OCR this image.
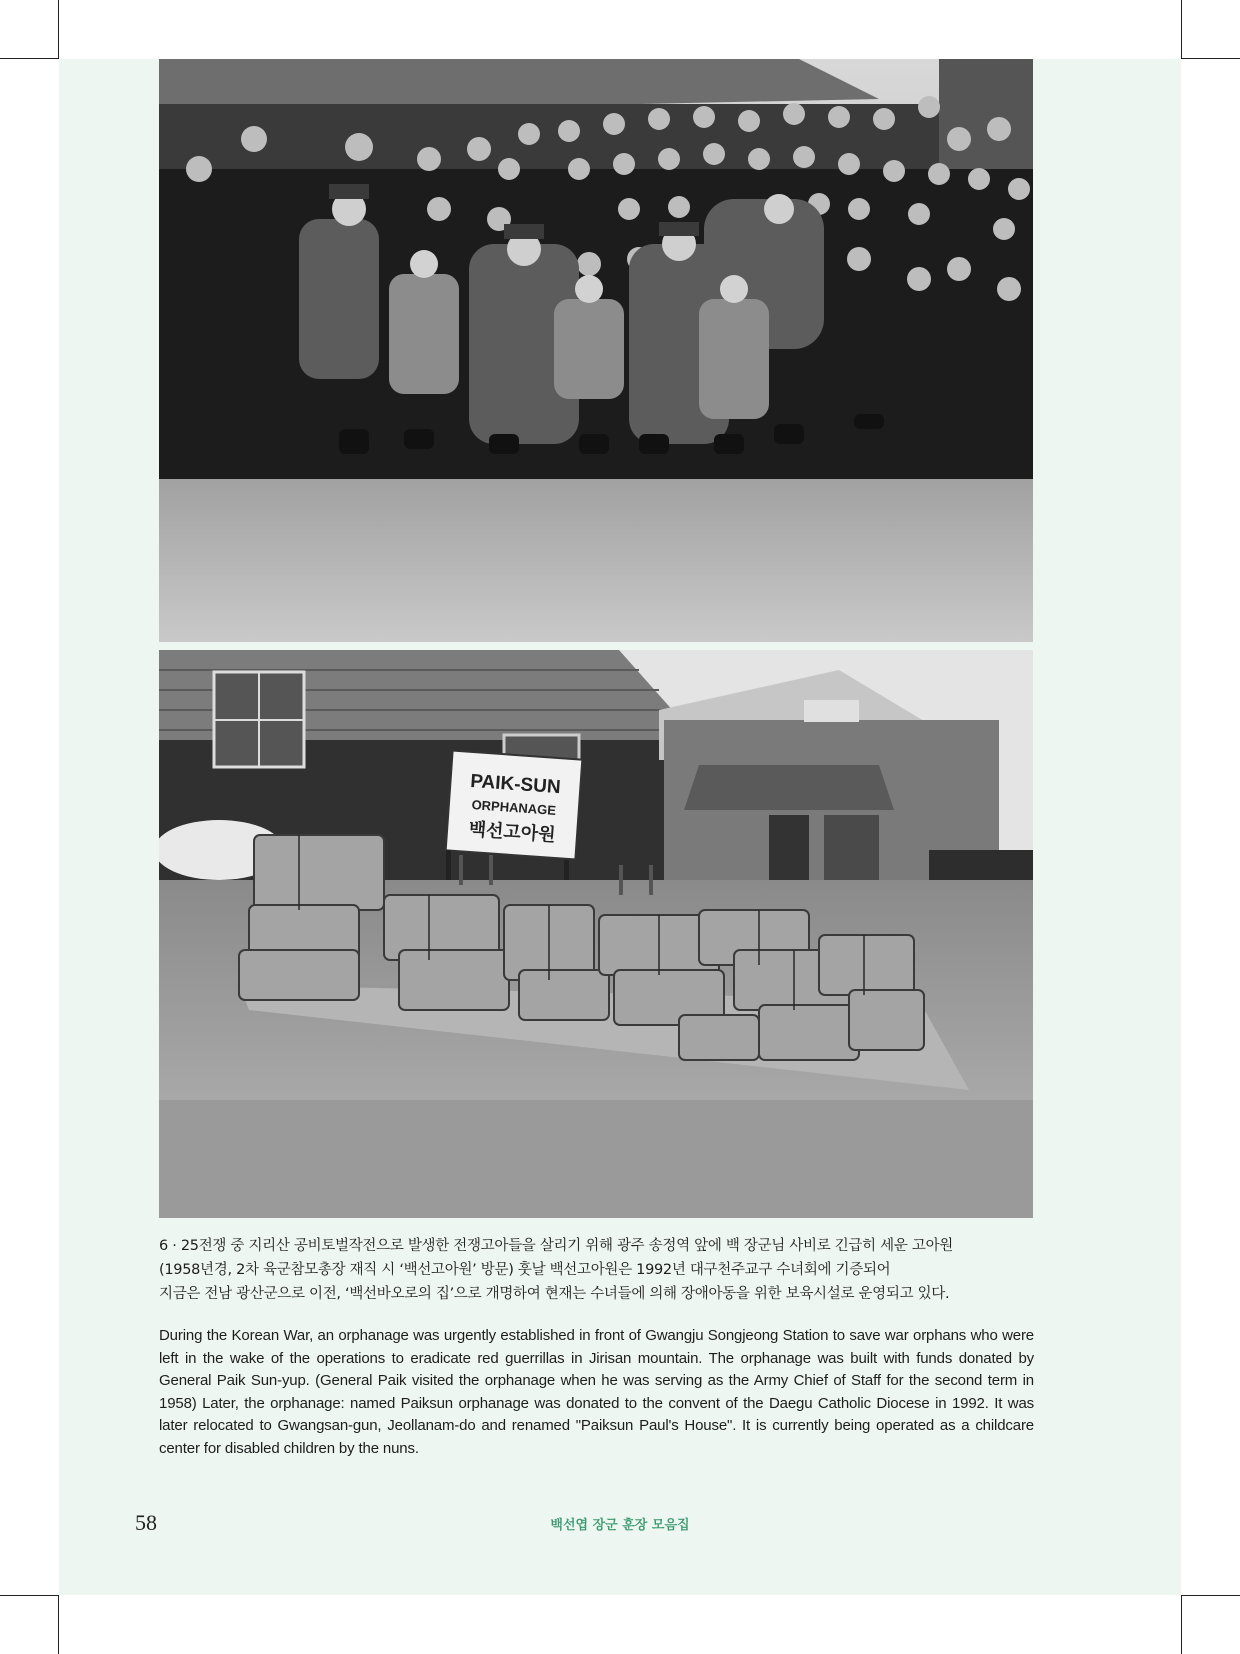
PAIK-SUN
ORPHANAGE
백선고아원
6 · 25전쟁 중 지리산 공비토벌작전으로 발생한 전쟁고아들을 살리기 위해 광주 송정역 앞에 백 장군님 사비로 긴급히 세운 고아원
(1958년경, 2차 육군참모총장 재직 시 ‘백선고아원’ 방문) 훗날 백선고아원은 1992년 대구천주교구 수녀회에 기증되어
지금은 전남 광산군으로 이전, ‘백선바오로의 집’으로 개명하여 현재는 수녀들에 의해 장애아동을 위한 보육시설로 운영되고 있다.
During the Korean War, an orphanage was urgently established in front of Gwangju Songjeong Station to save war orphans who were left in the wake of the operations to eradicate red guerrillas in Jirisan mountain. The orphanage was built with funds donated by General Paik Sun-yup. (General Paik visited the orphanage when he was serving as the Army Chief of Staff for the second term in 1958) Later, the orphanage: named Paiksun orphanage was donated to the convent of the Daegu Catholic Diocese in 1992. It was later relocated to Gwangsan-gun, Jeollanam-do and renamed "Paiksun Paul's House". It is currently being operated as a childcare center for disabled children by the nuns.
58	백선엽 장군 훈장 모음집
